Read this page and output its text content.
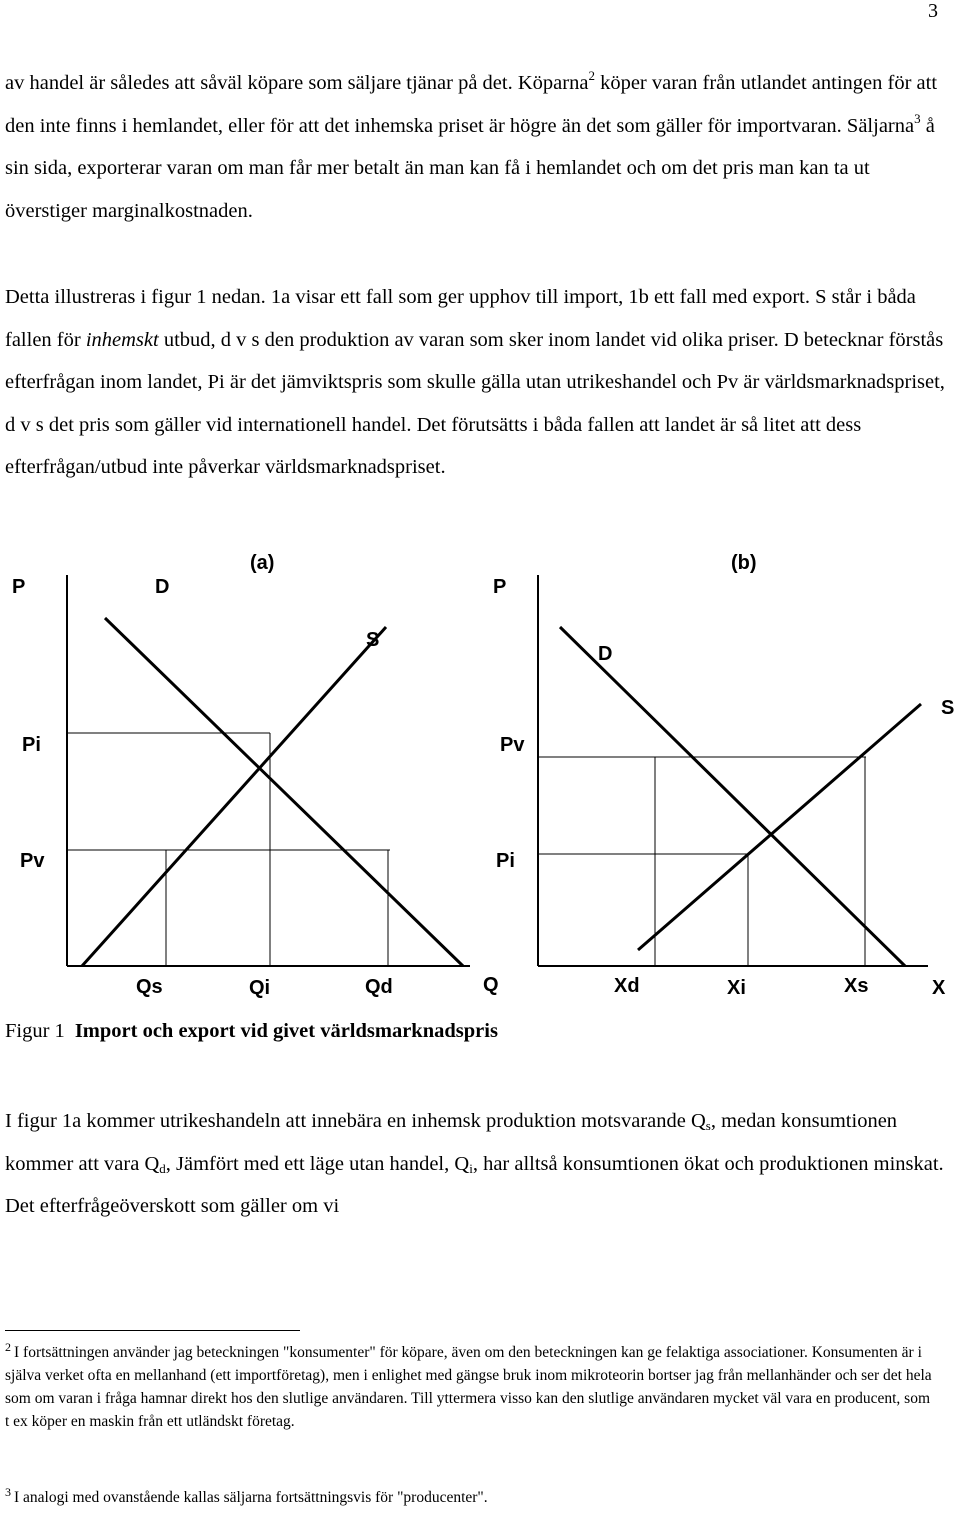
3

av handel är således att såväl köpare som säljare tjänar på det. Köparna$^2$ köper varan från utlandet antingen för att den inte finns i hemlandet, eller för att det inhemska priset är högre än det som gäller för importvaran. Säljarna$^3$ å sin sida, exporterar varan om man får mer betalt än man kan få i hemlandet och om det pris man kan ta ut överstiger marginalkostnaden.

Detta illustreras i figur 1 nedan. 1a visar ett fall som ger upphov till import, 1b ett fall med export. S står i båda fallen för inhemskt utbud, d v s den produktion av varan som sker inom landet vid olika priser. D betecknar förstås efterfrågan inom landet, Pi är det jämviktspris som skulle gälla utan utrikeshandel och Pv är världsmarknadspriset, d v s det pris som gäller vid internationell handel. Det förutsätts i båda fallen att landet är så litet att dess efterfrågan/utbud inte påverkar världsmarknadspriset.

(a)
P	D
S
Pi
Pv
Qs	Qi	Qd	Q
(b)
P
D
S
Pv
Pi
Xd	Xi	Xs	X
Figur 1 Import och export vid givet världsmarknadspris

I figur 1a kommer utrikeshandeln att innebära en inhemsk produktion motsvarande $Q_s$, medan konsumtionen kommer att vara $Q_d$, Jämfört med ett läge utan handel, $Q_i$, har alltså konsumtionen ökat och produktionen minskat. Det efterfrågeöverskott som gäller om vi

$^2$ I fortsättningen använder jag beteckningen "konsumenter" för köpare, även om den beteckningen kan ge felaktiga associationer. Konsumenten är i själva verket ofta en mellanhand (ett importföretag), men i enlighet med gängse bruk inom mikroteorin bortser jag från mellanhänder och ser det hela som om varan i fråga hamnar direkt hos den slutlige användaren. Till yttermera visso kan den slutlige användaren mycket väl vara en producent, som t ex köper en maskin från ett utländskt företag.

$^3$ I analogi med ovanstående kallas säljarna fortsättningsvis för "producenter".
